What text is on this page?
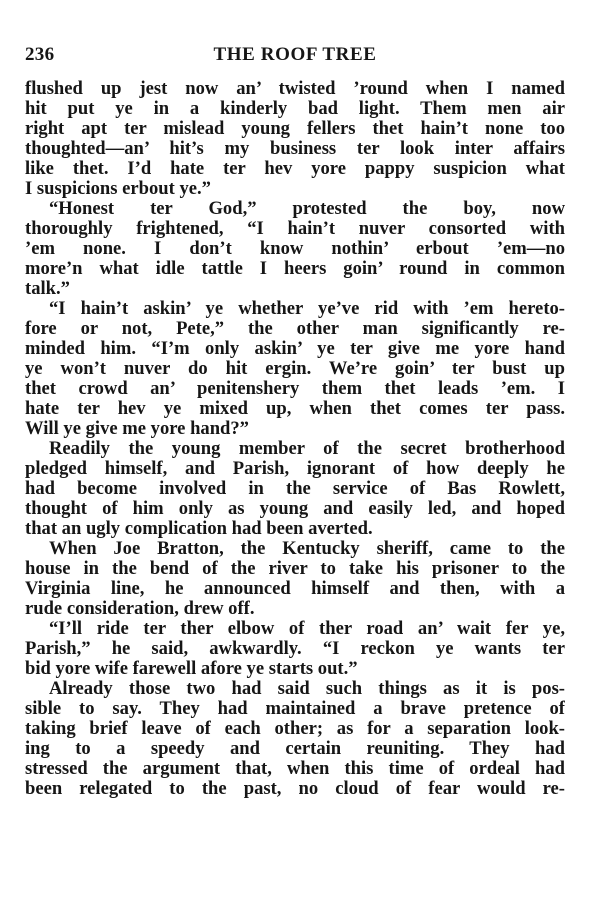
236	THE ROOF TREE
flushed up jest now an’ twisted ’round when I named
hit put ye in a kinderly bad light. Them men air
right apt ter mislead young fellers thet hain’t none too
thoughted—an’ hit’s my business ter look inter affairs
like thet. I’d hate ter hev yore pappy suspicion what
I suspicions erbout ye.”
“Honest ter God,” protested the boy, now
thoroughly frightened, “I hain’t nuver consorted with
’em none. I don’t know nothin’ erbout ’em—no
more’n what idle tattle I heers goin’ round in common
talk.”
“I hain’t askin’ ye whether ye’ve rid with ’em hereto-
fore or not, Pete,” the other man significantly re-
minded him. “I’m only askin’ ye ter give me yore hand
ye won’t nuver do hit ergin. We’re goin’ ter bust up
thet crowd an’ penitenshery them thet leads ’em. I
hate ter hev ye mixed up, when thet comes ter pass.
Will ye give me yore hand?”
Readily the young member of the secret brotherhood
pledged himself, and Parish, ignorant of how deeply he
had become involved in the service of Bas Rowlett,
thought of him only as young and easily led, and hoped
that an ugly complication had been averted.
When Joe Bratton, the Kentucky sheriff, came to the
house in the bend of the river to take his prisoner to the
Virginia line, he announced himself and then, with a
rude consideration, drew off.
“I’ll ride ter ther elbow of ther road an’ wait fer ye,
Parish,” he said, awkwardly. “I reckon ye wants ter
bid yore wife farewell afore ye starts out.”
Already those two had said such things as it is pos-
sible to say. They had maintained a brave pretence of
taking brief leave of each other; as for a separation look-
ing to a speedy and certain reuniting. They had
stressed the argument that, when this time of ordeal had
been relegated to the past, no cloud of fear would re-
